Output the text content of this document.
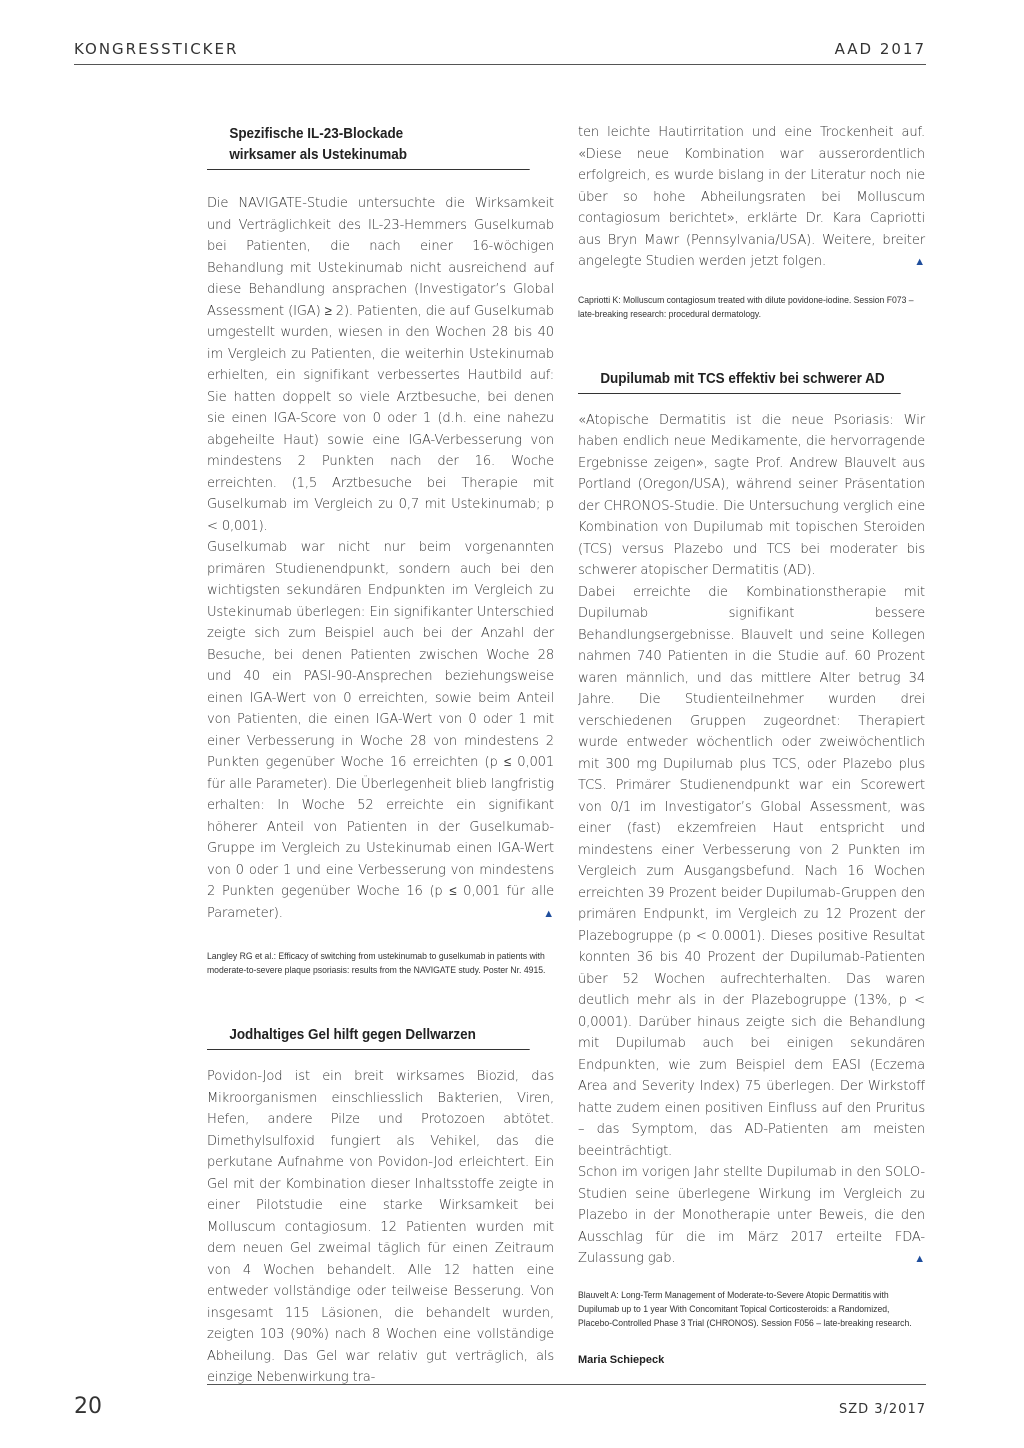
KONGRESSTICKER	AAD 2017
Spezifische IL-23-Blockade
wirksamer als Ustekinumab

Die NAVIGATE-Studie untersuchte die Wirksamkeit und Verträglichkeit des IL-23-Hemmers Guselkumab bei Patienten, die nach einer 16-wöchigen Behandlung mit Ustekinumab nicht ausreichend auf diese Behandlung ansprachen (Investigator’s Global Assessment (IGA) ≥ 2). Patienten, die auf Guselkumab umgestellt wurden, wiesen in den Wochen 28 bis 40 im Vergleich zu Patienten, die weiterhin Ustekinumab erhielten, ein signifikant verbessertes Hautbild auf: Sie hatten doppelt so viele Arztbesuche, bei denen sie einen IGA-Score von 0 oder 1 (d.h. eine nahezu abgeheilte Haut) sowie eine IGA-Verbesserung von mindestens 2 Punkten nach der 16. Woche erreichten. (1,5 Arztbesuche bei Therapie mit Guselkumab im Vergleich zu 0,7 mit Ustekinumab; p < 0,001).

Guselkumab war nicht nur beim vorgenannten primären Studienendpunkt, sondern auch bei den wichtigsten sekundären Endpunkten im Vergleich zu Ustekinumab überlegen: Ein signifikanter Unterschied zeigte sich zum Beispiel auch bei der Anzahl der Besuche, bei denen Patienten zwischen Woche 28 und 40 ein PASI-90-Ansprechen beziehungsweise einen IGA-Wert von 0 erreichten, sowie beim Anteil von Patienten, die einen IGA-Wert von 0 oder 1 mit einer Verbesserung in Woche 28 von mindestens 2 Punkten gegenüber Woche 16 erreichten (p ≤ 0,001 für alle Parameter). Die Überlegenheit blieb langfristig erhalten: In Woche 52 erreichte ein signifikant höherer Anteil von Patienten in der Guselkumab-Gruppe im Vergleich zu Ustekinumab einen IGA-Wert von 0 oder 1 und eine Verbesserung von mindestens 2 Punkten gegenüber Woche 16 (p ≤ 0,001 für alle Parameter).	▲

Langley RG et al.: Efficacy of switching from ustekinumab to guselkumab in patients with moderate-to-severe plaque psoriasis: results from the NAVIGATE study. Poster Nr. 4915.
Jodhaltiges Gel hilft gegen Dellwarzen

Povidon-Jod ist ein breit wirksames Biozid, das Mikroorganismen einschliesslich Bakterien, Viren, Hefen, andere Pilze und Protozoen abtötet. Dimethylsulfoxid fungiert als Vehikel, das die perkutane Aufnahme von Povidon-Jod erleichtert. Ein Gel mit der Kombination dieser Inhaltsstoffe zeigte in einer Pilotstudie eine starke Wirksamkeit bei Molluscum contagiosum. 12 Patienten wurden mit dem neuen Gel zweimal täglich für einen Zeitraum von 4 Wochen behandelt. Alle 12 hatten eine entweder vollständige oder teilweise Besserung. Von insgesamt 115 Läsionen, die behandelt wurden, zeigten 103 (90%) nach 8 Wochen eine vollständige Abheilung. Das Gel war relativ gut verträglich, als einzige Nebenwirkung tra-

ten leichte Hautirritation und eine Trockenheit auf. «Diese neue Kombination war ausserordentlich erfolgreich, es wurde bislang in der Literatur noch nie über so hohe Abheilungsraten bei Molluscum contagiosum berichtet», erklärte Dr. Kara Capriotti aus Bryn Mawr (Pennsylvania/USA). Weitere, breiter angelegte Studien werden jetzt folgen.	▲

Capriotti K: Molluscum contagiosum treated with dilute povidone-iodine. Session F073 – late-breaking research: procedural dermatology.
Dupilumab mit TCS effektiv bei schwerer AD

«Atopische Dermatitis ist die neue Psoriasis: Wir haben endlich neue Medikamente, die hervorragende Ergebnisse zeigen», sagte Prof. Andrew Blauvelt aus Portland (Oregon/USA), während seiner Präsentation der CHRONOS-Studie. Die Untersuchung verglich eine Kombination von Dupilumab mit topischen Steroiden (TCS) versus Plazebo und TCS bei moderater bis schwerer atopischer Dermatitis (AD).

Dabei erreichte die Kombinationstherapie mit Dupilumab signifikant bessere Behandlungsergebnisse. Blauvelt und seine Kollegen nahmen 740 Patienten in die Studie auf. 60 Prozent waren männlich, und das mittlere Alter betrug 34 Jahre. Die Studienteilnehmer wurden drei verschiedenen Gruppen zugeordnet: Therapiert wurde entweder wöchentlich oder zweiwöchentlich mit 300 mg Dupilumab plus TCS, oder Plazebo plus TCS. Primärer Studienendpunkt war ein Scorewert von 0/1 im Investigator’s Global Assessment, was einer (fast) ekzemfreien Haut entspricht und mindestens einer Verbesserung von 2 Punkten im Vergleich zum Ausgangsbefund. Nach 16 Wochen erreichten 39 Prozent beider Dupilumab-Gruppen den primären Endpunkt, im Vergleich zu 12 Prozent der Plazebogruppe (p < 0.0001). Dieses positive Resultat konnten 36 bis 40 Prozent der Dupilumab-Patienten über 52 Wochen aufrechterhalten. Das waren deutlich mehr als in der Plazebogruppe (13%, p < 0,0001). Darüber hinaus zeigte sich die Behandlung mit Dupilumab auch bei einigen sekundären Endpunkten, wie zum Beispiel dem EASI (Eczema Area and Severity Index) 75 überlegen. Der Wirkstoff hatte zudem einen positiven Einfluss auf den Pruritus – das Symptom, das AD-Patienten am meisten beeinträchtigt.

Schon im vorigen Jahr stellte Dupilumab in den SOLO-Studien seine überlegene Wirkung im Vergleich zu Plazebo in der Monotherapie unter Beweis, die den Ausschlag für die im März 2017 erteilte FDA-Zulassung gab.	▲

Blauvelt A: Long-Term Management of Moderate-to-Severe Atopic Dermatitis with Dupilumab up to 1 year With Concomitant Topical Corticosteroids: a Randomized, Placebo-Controlled Phase 3 Trial (CHRONOS). Session F056 – late-breaking research.
Maria Schiepeck
20	SZD 3/2017
